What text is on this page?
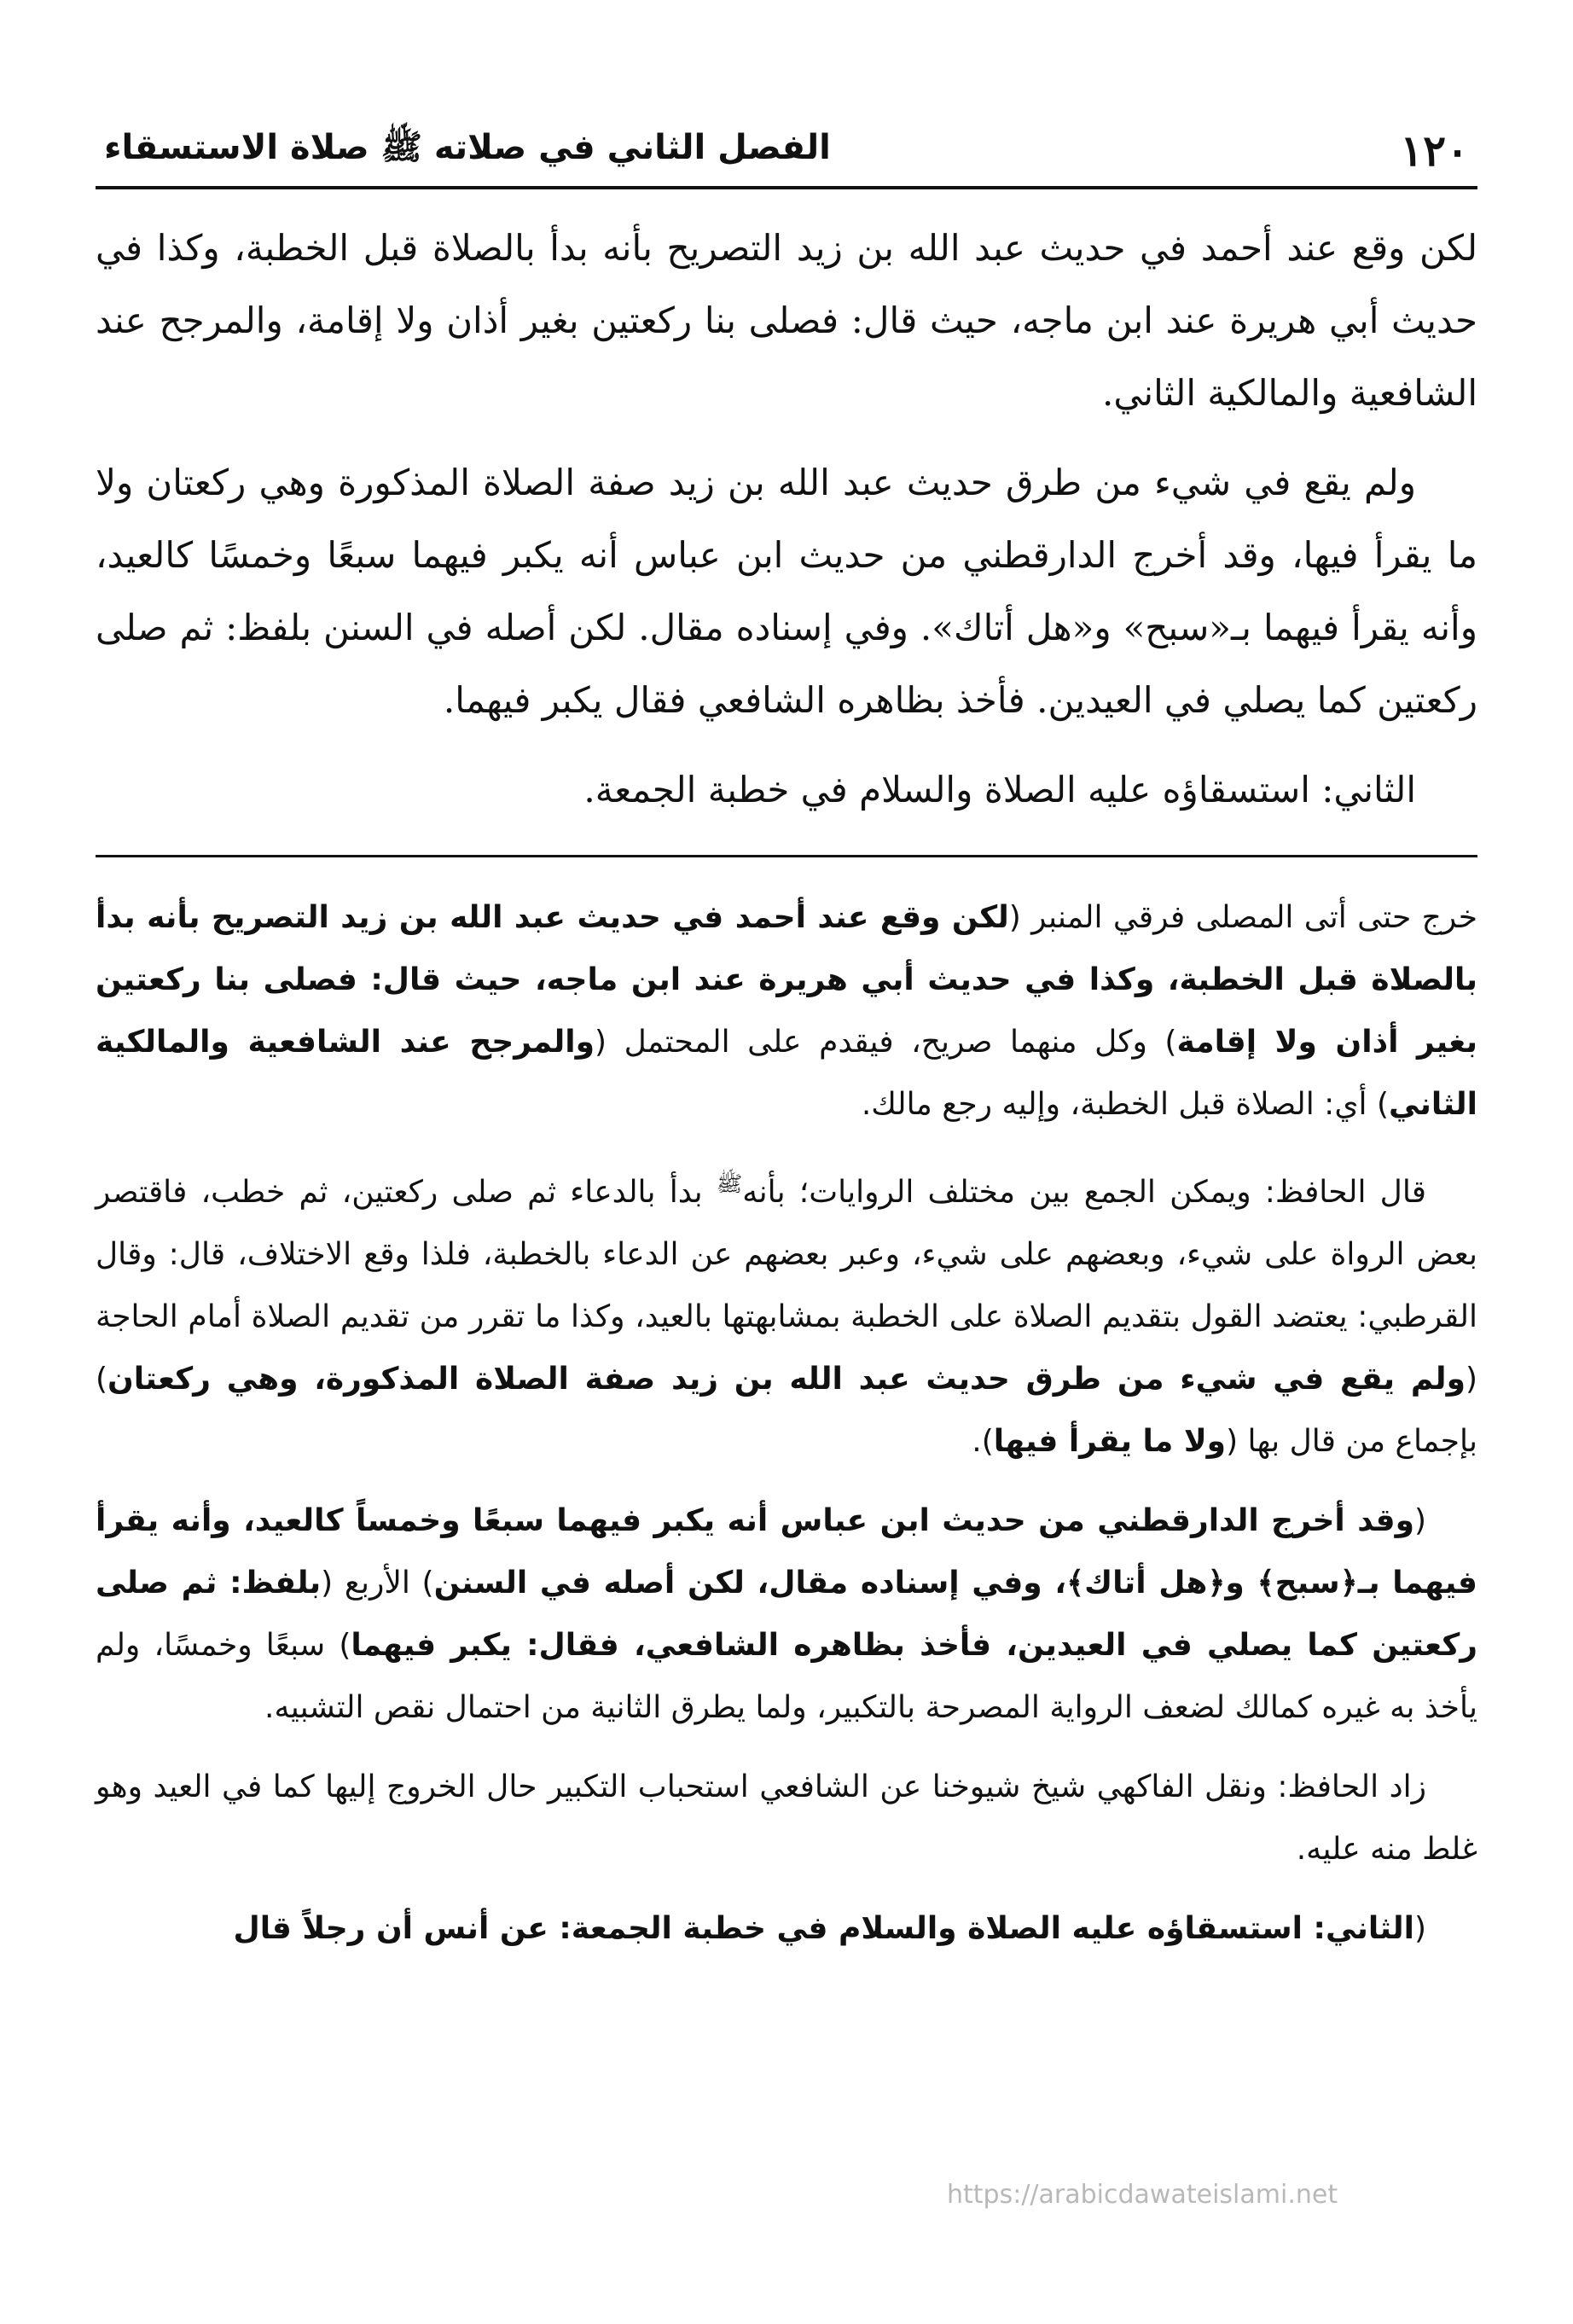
١٢٠
الفصل الثاني في صلاته ﷺ صلاة الاستسقاء

لكن وقع عند أحمد في حديث عبد الله بن زيد التصريح بأنه بدأ بالصلاة قبل الخطبة، وكذا في حديث أبي هريرة عند ابن ماجه، حيث قال: فصلى بنا ركعتين بغير أذان ولا إقامة، والمرجح عند الشافعية والمالكية الثاني.

ولم يقع في شيء من طرق حديث عبد الله بن زيد صفة الصلاة المذكورة وهي ركعتان ولا ما يقرأ فيها، وقد أخرج الدارقطني من حديث ابن عباس أنه يكبر فيهما سبعًا وخمسًا كالعيد، وأنه يقرأ فيهما بـ«سبح» و«هل أتاك». وفي إسناده مقال. لكن أصله في السنن بلفظ: ثم صلى ركعتين كما يصلي في العيدين. فأخذ بظاهره الشافعي فقال يكبر فيهما.

الثاني: استسقاؤه عليه الصلاة والسلام في خطبة الجمعة.

خرج حتى أتى المصلى فرقي المنبر (لكن وقع عند أحمد في حديث عبد الله بن زيد التصريح بأنه بدأ بالصلاة قبل الخطبة، وكذا في حديث أبي هريرة عند ابن ماجه، حيث قال: فصلى بنا ركعتين بغير أذان ولا إقامة) وكل منهما صريح، فيقدم على المحتمل (والمرجح عند الشافعية والمالكية الثاني) أي: الصلاة قبل الخطبة، وإليه رجع مالك.

قال الحافظ: ويمكن الجمع بين مختلف الروايات؛ بأنه$^ﷺ$ بدأ بالدعاء ثم صلى ركعتين، ثم خطب، فاقتصر بعض الرواة على شيء، وبعضهم على شيء، وعبر بعضهم عن الدعاء بالخطبة، فلذا وقع الاختلاف، قال: وقال القرطبي: يعتضد القول بتقديم الصلاة على الخطبة بمشابهتها بالعيد، وكذا ما تقرر من تقديم الصلاة أمام الحاجة (ولم يقع في شيء من طرق حديث عبد الله بن زيد صفة الصلاة المذكورة، وهي ركعتان) بإجماع من قال بها (ولا ما يقرأ فيها).

(وقد أخرج الدارقطني من حديث ابن عباس أنه يكبر فيهما سبعًا وخمساً كالعيد، وأنه يقرأ فيهما بـ﴿سبح﴾ و﴿هل أتاك﴾، وفي إسناده مقال، لكن أصله في السنن) الأربع (بلفظ: ثم صلى ركعتين كما يصلي في العيدين، فأخذ بظاهره الشافعي، فقال: يكبر فيهما) سبعًا وخمسًا، ولم يأخذ به غيره كمالك لضعف الرواية المصرحة بالتكبير، ولما يطرق الثانية من احتمال نقص التشبيه.

زاد الحافظ: ونقل الفاكهي شيخ شيوخنا عن الشافعي استحباب التكبير حال الخروج إليها كما في العيد وهو غلط منه عليه.

(الثاني: استسقاؤه عليه الصلاة والسلام في خطبة الجمعة: عن أنس أن رجلاً قال

https://arabicdawateislami.net
